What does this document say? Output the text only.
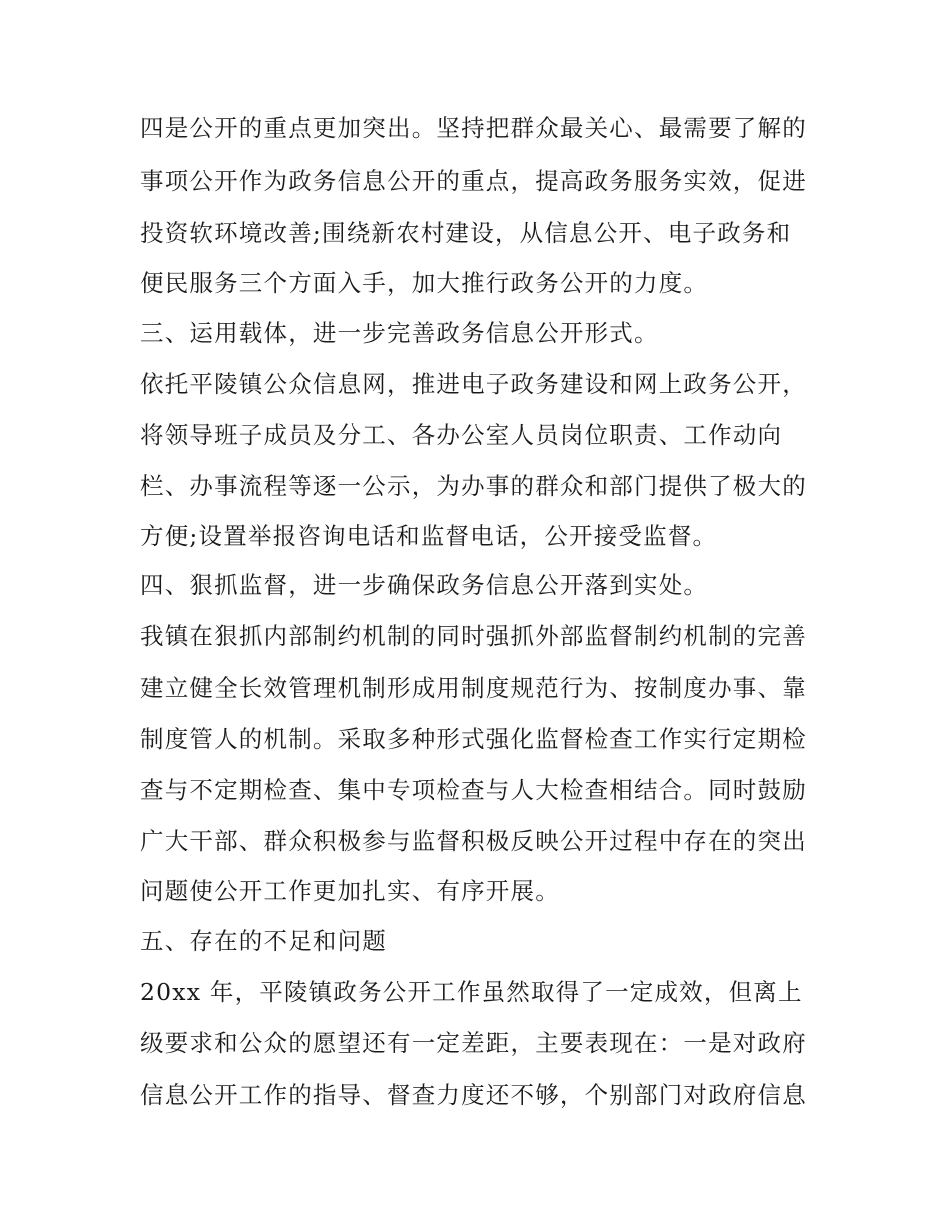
四是公开的重点更加突出。坚持把群众最关心、最需要了解的
事项公开作为政务信息公开的重点，提高政务服务实效，促进
投资软环境改善;围绕新农村建设，从信息公开、电子政务和
便民服务三个方面入手，加大推行政务公开的力度。
三、运用载体，进一步完善政务信息公开形式。
依托平陵镇公众信息网，推进电子政务建设和网上政务公开，
将领导班子成员及分工、各办公室人员岗位职责、工作动向
栏、办事流程等逐一公示，为办事的群众和部门提供了极大的
方便;设置举报咨询电话和监督电话，公开接受监督。
四、狠抓监督，进一步确保政务信息公开落到实处。
我镇在狠抓内部制约机制的同时强抓外部监督制约机制的完善
建立健全长效管理机制形成用制度规范行为、按制度办事、靠
制度管人的机制。采取多种形式强化监督检查工作实行定期检
查与不定期检查、集中专项检查与人大检查相结合。同时鼓励
广大干部、群众积极参与监督积极反映公开过程中存在的突出
问题使公开工作更加扎实、有序开展。
五、存在的不足和问题
20xx 年，平陵镇政务公开工作虽然取得了一定成效，但离上
级要求和公众的愿望还有一定差距，主要表现在：一是对政府
信息公开工作的指导、督查力度还不够，个别部门对政府信息
